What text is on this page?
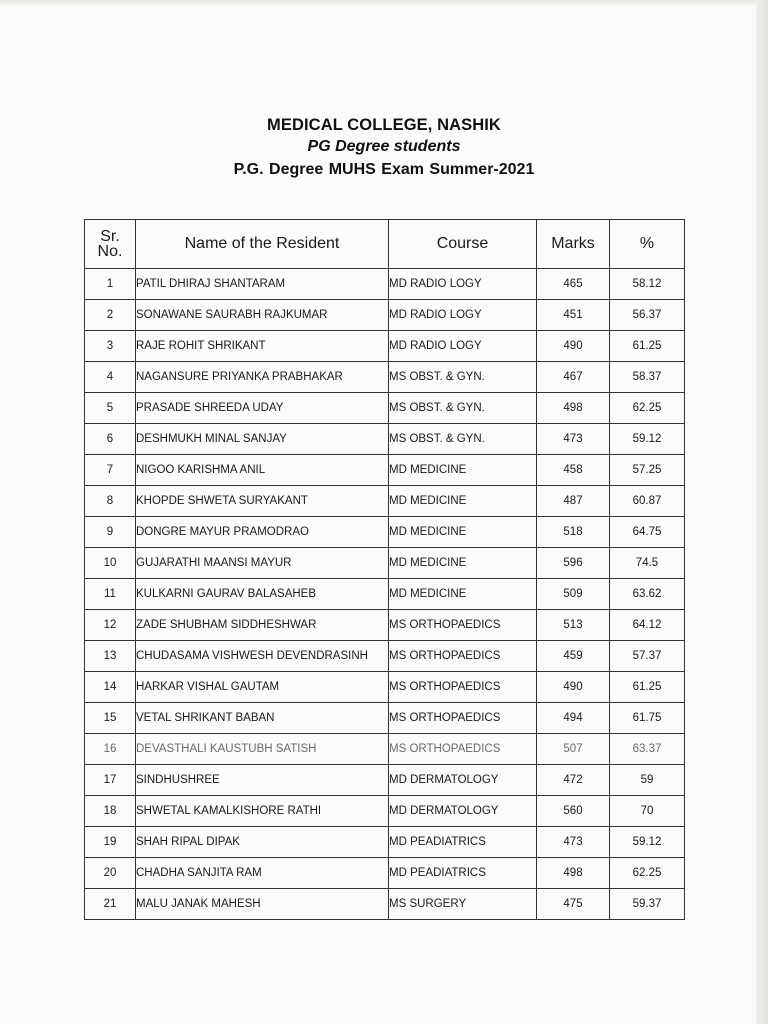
MEDICAL COLLEGE, NASHIK
PG Degree students
P.G. Degree MUHS Exam Summer-2021
Sr.
No.	Name of the Resident	Course	Marks	%
1	PATIL DHIRAJ SHANTARAM	MD RADIO LOGY	465	58.12
2	SONAWANE SAURABH RAJKUMAR	MD RADIO LOGY	451	56.37
3	RAJE ROHIT SHRIKANT	MD RADIO LOGY	490	61.25
4	NAGANSURE PRIYANKA PRABHAKAR	MS OBST. & GYN.	467	58.37
5	PRASADE SHREEDA UDAY	MS OBST. & GYN.	498	62.25
6	DESHMUKH MINAL SANJAY	MS OBST. & GYN.	473	59.12
7	NIGOO KARISHMA ANIL	MD MEDICINE	458	57.25
8	KHOPDE SHWETA SURYAKANT	MD MEDICINE	487	60.87
9	DONGRE MAYUR PRAMODRAO	MD MEDICINE	518	64.75
10	GUJARATHI MAANSI MAYUR	MD MEDICINE	596	74.5
11	KULKARNI GAURAV BALASAHEB	MD MEDICINE	509	63.62
12	ZADE SHUBHAM SIDDHESHWAR	MS ORTHOPAEDICS	513	64.12
13	CHUDASAMA VISHWESH DEVENDRASINH	MS ORTHOPAEDICS	459	57.37
14	HARKAR VISHAL GAUTAM	MS ORTHOPAEDICS	490	61.25
15	VETAL SHRIKANT BABAN	MS ORTHOPAEDICS	494	61.75
16	DEVASTHALI KAUSTUBH SATISH	MS ORTHOPAEDICS	507	63.37
17	SINDHUSHREE	MD DERMATOLOGY	472	59
18	SHWETAL KAMALKISHORE RATHI	MD DERMATOLOGY	560	70
19	SHAH RIPAL DIPAK	MD PEADIATRICS	473	59.12
20	CHADHA SANJITA RAM	MD PEADIATRICS	498	62.25
21	MALU JANAK MAHESH	MS SURGERY	475	59.37
